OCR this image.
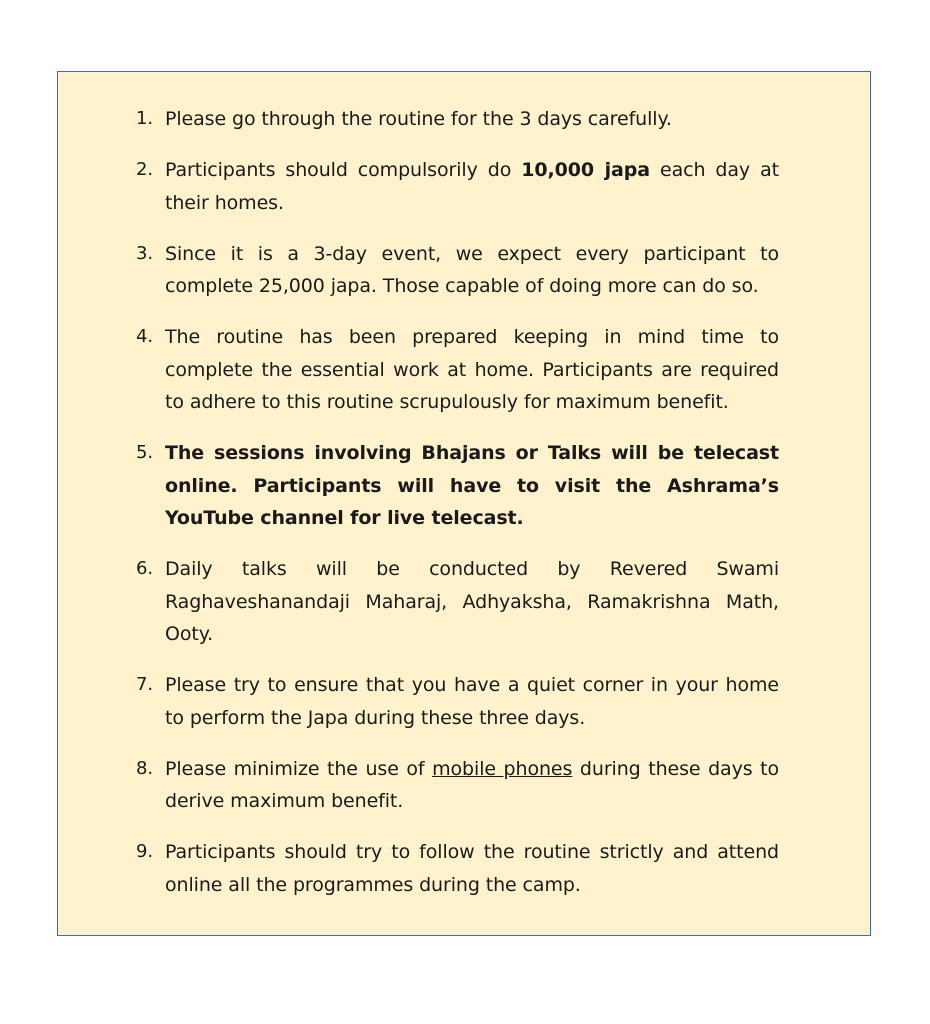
1. Please go through the routine for the 3 days carefully.
2. Participants should compulsorily do 10,000 japa each day at their homes.
3. Since it is a 3-day event, we expect every participant to complete 25,000 japa. Those capable of doing more can do so.
4. The routine has been prepared keeping in mind time to complete the essential work at home. Participants are required to adhere to this routine scrupulously for maximum benefit.
5. The sessions involving Bhajans or Talks will be telecast online. Participants will have to visit the Ashrama’s YouTube channel for live telecast.
6. Daily talks will be conducted by Revered Swami Raghaveshanandaji Maharaj, Adhyaksha, Ramakrishna Math, Ooty.
7. Please try to ensure that you have a quiet corner in your home to perform the Japa during these three days.
8. Please minimize the use of mobile phones during these days to derive maximum benefit.
9. Participants should try to follow the routine strictly and attend online all the programmes during the camp.
